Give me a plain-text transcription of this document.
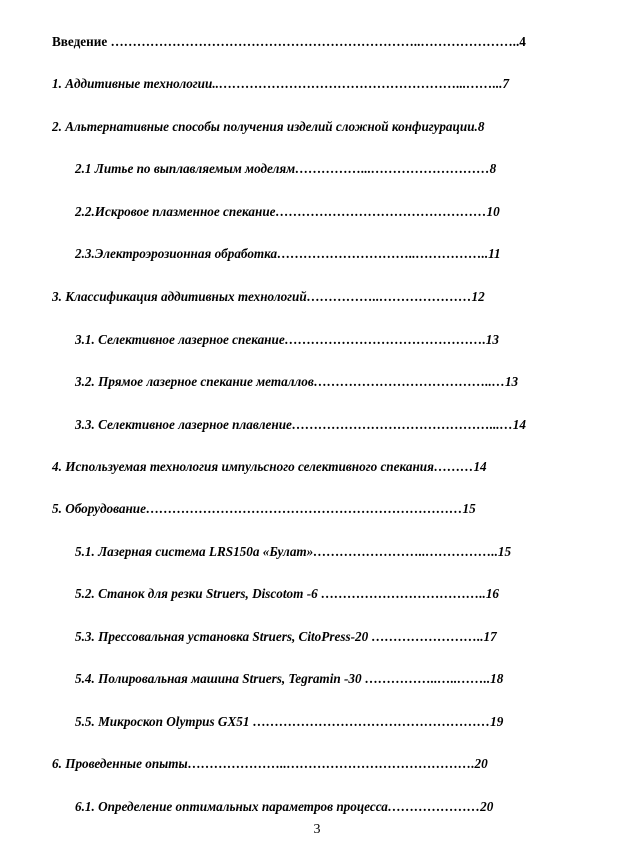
Введение ……………………………………………………………..…………………..4
1. Аддитивные технологии..………………………………………………...……...7
2. Альтернативные способы получения изделий сложной конфигурации.8
2.1 Литье по выплавляемым моделям……………...………………………8
2.2.Искровое плазменное спекание…………………………………………10
2.3.Электроэрозионная обработка…………………………..……………..11
3. Классификация аддитивных технологий……………..…………………12
3.1. Селективное лазерное спекание……………………………………….13
3.2. Прямое лазерное спекание металлов…………………………………..…13
3.3. Селективное лазерное плавление………………………………………...…14
4. Используемая технология импульсного селективного спекания………14
5. Оборудование………………………………………………………………15
5.1. Лазерная система LRS150a «Булат»……………………..……………..15
5.2. Станок для резки Struers, Discotom -6 ………………………………..16
5.3. Прессовальная установка Struers, CitoPress-20 ……………………..17
5.4. Полировальная машина Struers, Tegramin -30 ……………..…..……..18
5.5. Микроскоп Olympus GX51 ………………………………………………19
6. Проведенные опыты…………………..…………………………………….20
6.1. Определение оптимальных параметров процесса…………………20
3
